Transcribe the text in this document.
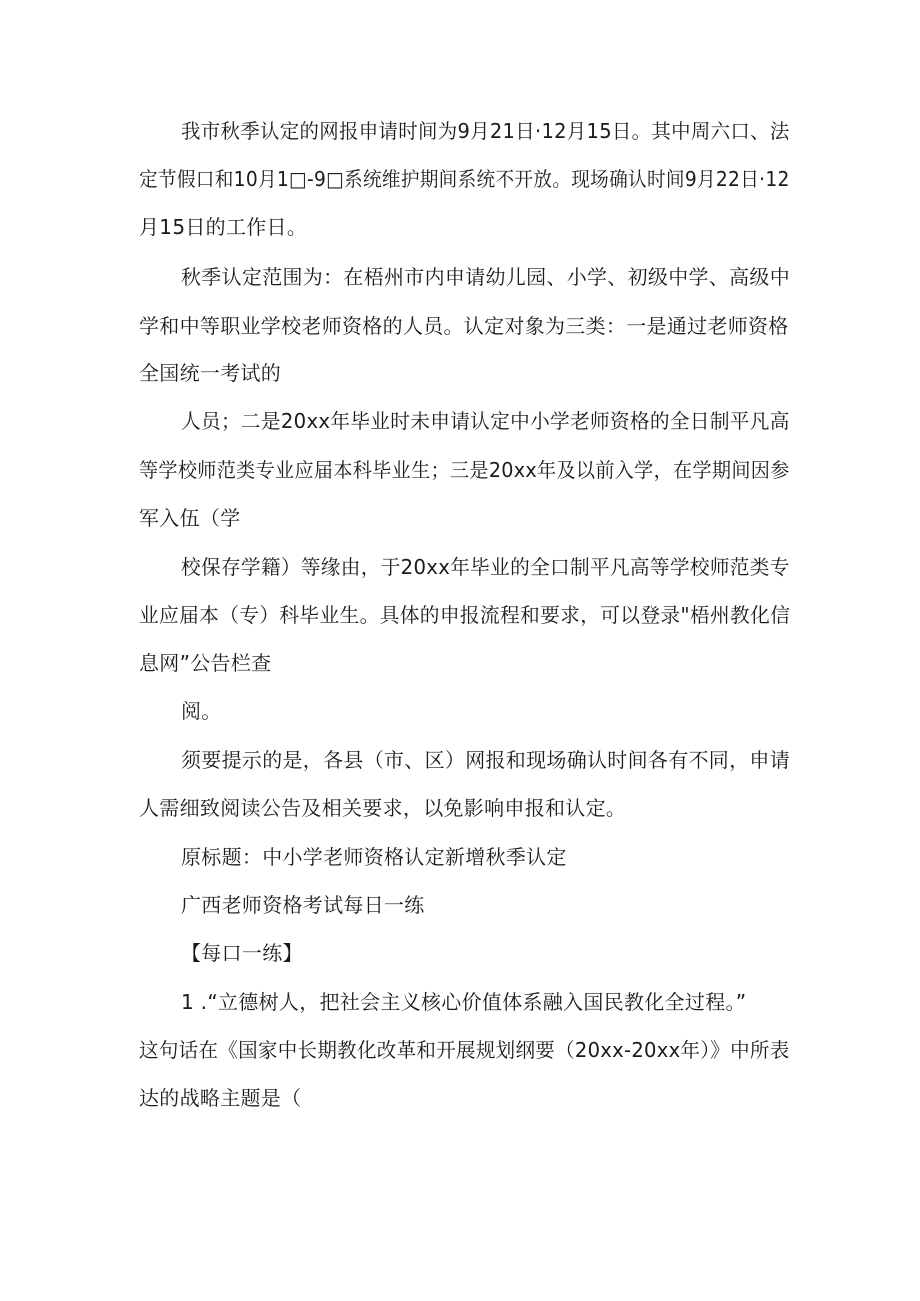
我市秋季认定的网报申请时间为9月21日·12月15日。其中周六口、法
定节假口和10月1□-9□系统维护期间系统不开放。现场确认时间9月22日·12
月15日的工作日。
秋季认定范围为：在梧州市内申请幼儿园、小学、初级中学、高级中
学和中等职业学校老师资格的人员。认定对象为三类：一是通过老师资格
全国统一考试的
人员；二是20xx年毕业时未申请认定中小学老师资格的全日制平凡高
等学校师范类专业应届本科毕业生；三是20xx年及以前入学，在学期间因参
军入伍（学
校保存学籍）等缘由，于20xx年毕业的全口制平凡高等学校师范类专
业应届本（专）科毕业生。具体的申报流程和要求，可以登录"梧州教化信
息网”公告栏查
阅。
须要提示的是，各县（市、区）网报和现场确认时间各有不同，申请
人需细致阅读公告及相关要求，以免影响申报和认定。
原标题：中小学老师资格认定新增秋季认定
广西老师资格考试每日一练
【每口一练】
1 .“立德树人，把社会主义核心价值体系融入国民教化全过程。”
这句话在《国家中长期教化改革和开展规划纲要（20xx-20xx年）》中所表
达的战略主题是（
